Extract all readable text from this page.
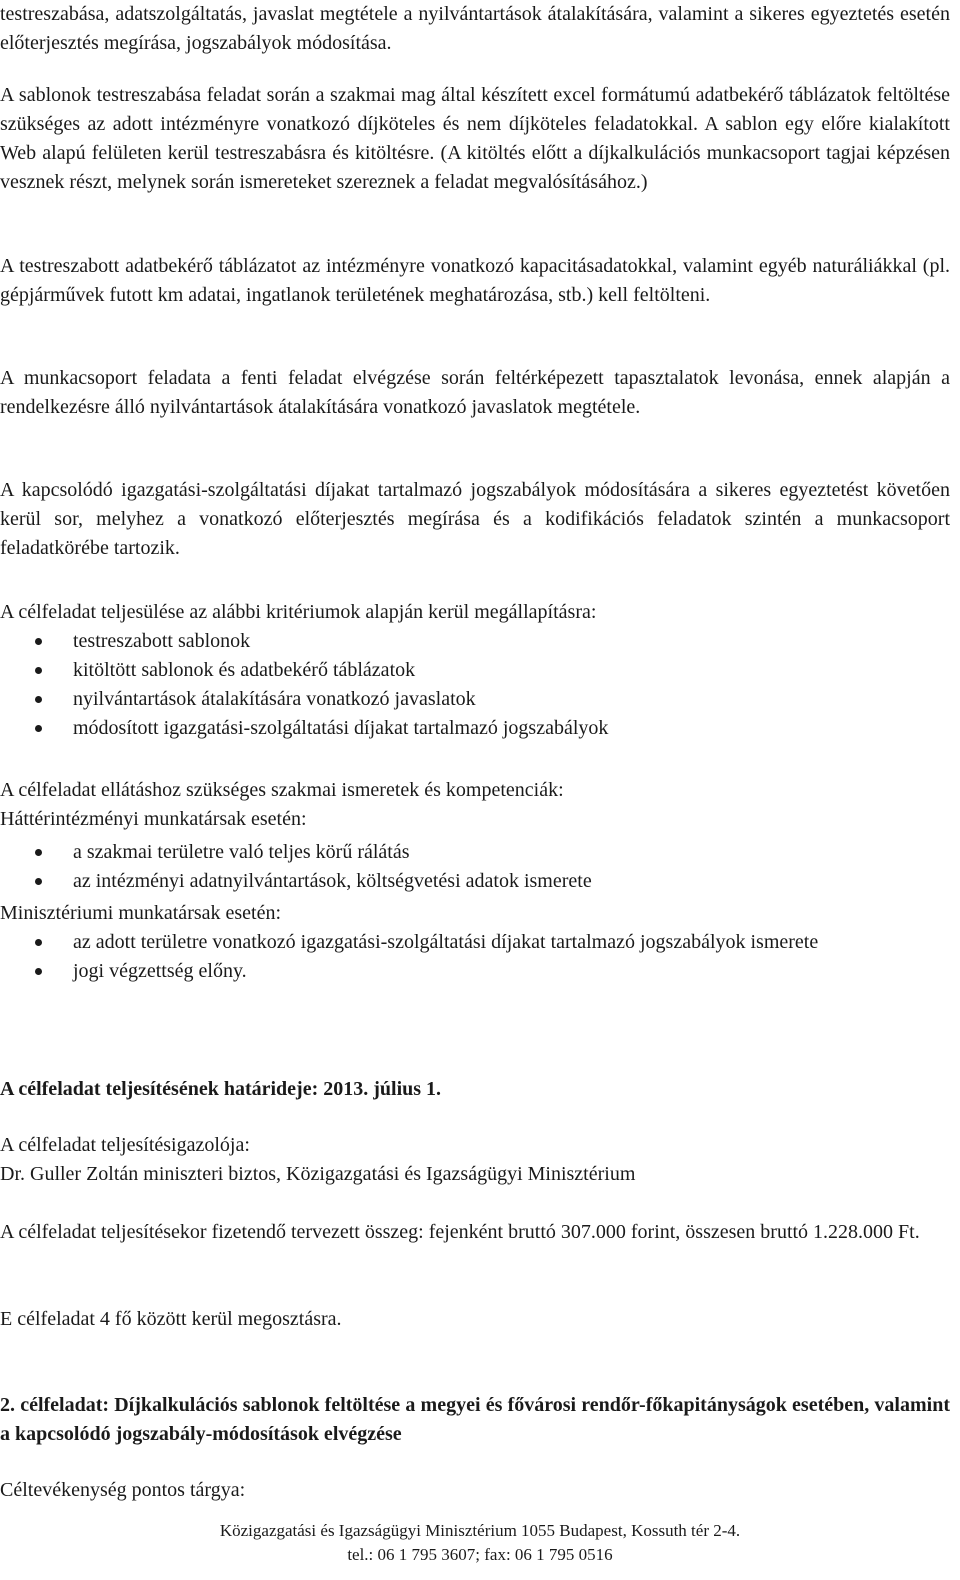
testreszabása, adatszolgáltatás, javaslat megtétele a nyilvántartások átalakítására, valamint a sikeres egyeztetés esetén előterjesztés megírása, jogszabályok módosítása.

A sablonok testreszabása feladat során a szakmai mag által készített excel formátumú adatbekérő táblázatok feltöltése szükséges az adott intézményre vonatkozó díjköteles és nem díjköteles feladatokkal. A sablon egy előre kialakított Web alapú felületen kerül testreszabásra és kitöltésre. (A kitöltés előtt a díjkalkulációs munkacsoport tagjai képzésen vesznek részt, melynek során ismereteket szereznek a feladat megvalósításához.)

A testreszabott adatbekérő táblázatot az intézményre vonatkozó kapacitásadatokkal, valamint egyéb naturáliákkal (pl. gépjárművek futott km adatai, ingatlanok területének meghatározása, stb.) kell feltölteni.

A munkacsoport feladata a fenti feladat elvégzése során feltérképezett tapasztalatok levonása, ennek alapján a rendelkezésre álló nyilvántartások átalakítására vonatkozó javaslatok megtétele.

A kapcsolódó igazgatási-szolgáltatási díjakat tartalmazó jogszabályok módosítására a sikeres egyeztetést követően kerül sor, melyhez a vonatkozó előterjesztés megírása és a kodifikációs feladatok szintén a munkacsoport feladatkörébe tartozik.

A célfeladat teljesülése az alábbi kritériumok alapján kerül megállapításra:

testreszabott sablonok
kitöltött sablonok és adatbekérő táblázatok
nyilvántartások átalakítására vonatkozó javaslatok
módosított igazgatási-szolgáltatási díjakat tartalmazó jogszabályok

A célfeladat ellátáshoz szükséges szakmai ismeretek és kompetenciák:

Háttérintézményi munkatársak esetén:

a szakmai területre való teljes körű rálátás
az intézményi adatnyilvántartások, költségvetési adatok ismerete

Minisztériumi munkatársak esetén:

az adott területre vonatkozó igazgatási-szolgáltatási díjakat tartalmazó jogszabályok ismerete
jogi végzettség előny.

A célfeladat teljesítésének határideje: 2013. július 1.

A célfeladat teljesítésigazolója:

Dr. Guller Zoltán miniszteri biztos, Közigazgatási és Igazságügyi Minisztérium

A célfeladat teljesítésekor fizetendő tervezett összeg: fejenként bruttó 307.000 forint, összesen bruttó 1.228.000 Ft.

E célfeladat 4 fő között kerül megosztásra.

2. célfeladat: Díjkalkulációs sablonok feltöltése a megyei és fővárosi rendőr-főkapitányságok esetében, valamint a kapcsolódó jogszabály-módosítások elvégzése

Céltevékenység pontos tárgya:

Közigazgatási és Igazságügyi Minisztérium 1055 Budapest, Kossuth tér 2-4.
tel.: 06 1 795 3607; fax: 06 1 795 0516
